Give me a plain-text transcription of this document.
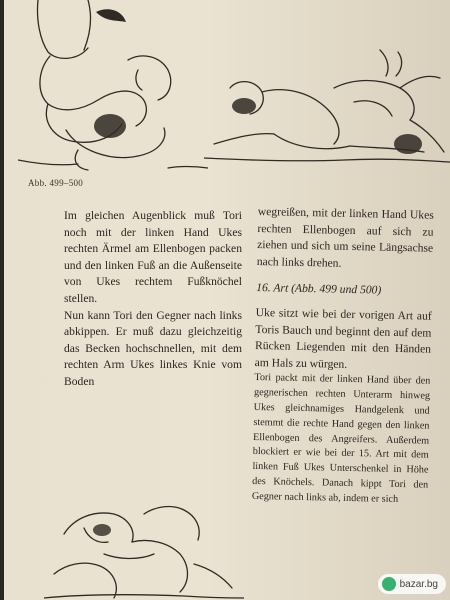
Abb. 499–500

Im gleichen Augenblick muß Tori noch mit der linken Hand Ukes rechten Ärmel am Ellenbogen packen und den linken Fuß an die Außenseite von Ukes rechtem Fußknöchel stellen.

Nun kann Tori den Gegner nach links abkippen. Er muß dazu gleichzeitig das Becken hochschnellen, mit dem rechten Arm Ukes linkes Knie vom Boden

wegreißen, mit der linken Hand Ukes rechten Ellenbogen auf sich zu ziehen und sich um seine Längsachse nach links drehen.

16. Art (Abb. 499 und 500)

Uke sitzt wie bei der vorigen Art auf Toris Bauch und beginnt den auf dem Rücken Liegenden mit den Händen am Hals zu würgen.

Tori packt mit der linken Hand über den gegnerischen rechten Unterarm hinweg Ukes gleichnamiges Handgelenk und stemmt die rechte Hand gegen den linken Ellenbogen des Angreifers. Außerdem blockiert er wie bei der 15. Art mit dem linken Fuß Ukes Unterschenkel in Höhe des Knöchels. Danach kippt Tori den Gegner nach links ab, indem er sich

bazar.bg
